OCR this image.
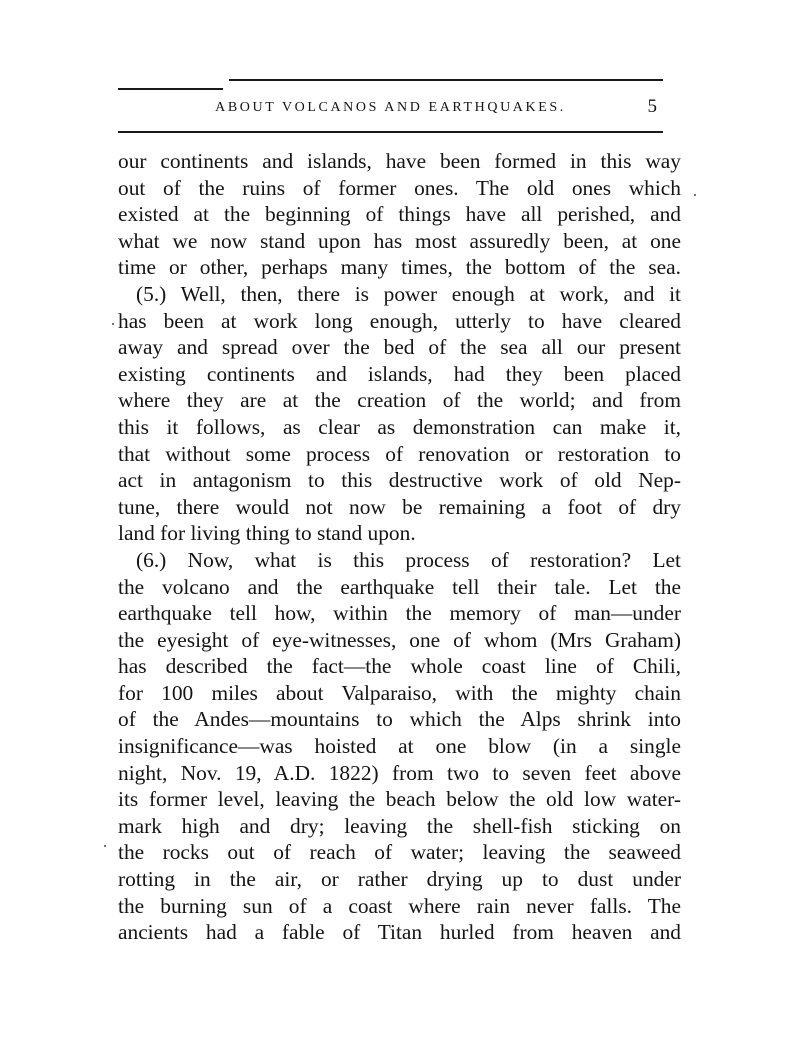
ABOUT VOLCANOS AND EARTHQUAKES.	5
our continents and islands, have been formed in this way
out of the ruins of former ones. The old ones which
existed at the beginning of things have all perished, and
what we now stand upon has most assuredly been, at one
time or other, perhaps many times, the bottom of the sea.
(5.) Well, then, there is power enough at work, and it
has been at work long enough, utterly to have cleared
away and spread over the bed of the sea all our present
existing continents and islands, had they been placed
where they are at the creation of the world; and from
this it follows, as clear as demonstration can make it,
that without some process of renovation or restoration to
act in antagonism to this destructive work of old Nep-
tune, there would not now be remaining a foot of dry
land for living thing to stand upon.
(6.) Now, what is this process of restoration? Let
the volcano and the earthquake tell their tale. Let the
earthquake tell how, within the memory of man—under
the eyesight of eye-witnesses, one of whom (Mrs Graham)
has described the fact—the whole coast line of Chili,
for 100 miles about Valparaiso, with the mighty chain
of the Andes—mountains to which the Alps shrink into
insignificance—was hoisted at one blow (in a single
night, Nov. 19, A.D. 1822) from two to seven feet above
its former level, leaving the beach below the old low water-
mark high and dry; leaving the shell-fish sticking on
the rocks out of reach of water; leaving the seaweed
rotting in the air, or rather drying up to dust under
the burning sun of a coast where rain never falls. The
ancients had a fable of Titan hurled from heaven and
